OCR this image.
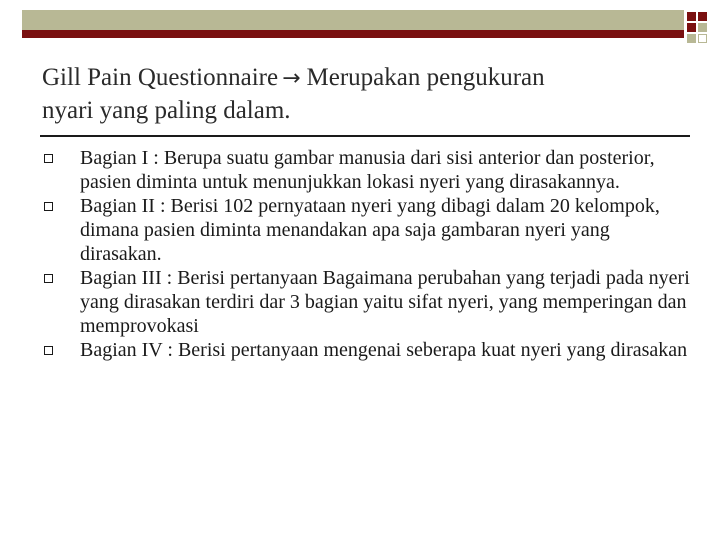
Gill Pain Questionnaire → Merupakan pengukuran
nyari yang paling dalam.
Bagian I : Berupa suatu gambar manusia dari sisi anterior dan posterior, pasien diminta untuk menunjukkan lokasi nyeri yang dirasakannya.
Bagian II : Berisi 102 pernyataan nyeri yang dibagi dalam 20 kelompok, dimana pasien diminta menandakan apa saja gambaran nyeri yang dirasakan.
Bagian III : Berisi pertanyaan Bagaimana perubahan yang terjadi pada nyeri yang dirasakan terdiri dar 3 bagian yaitu sifat nyeri, yang memperingan dan memprovokasi
Bagian IV : Berisi pertanyaan mengenai seberapa kuat nyeri yang dirasakan
